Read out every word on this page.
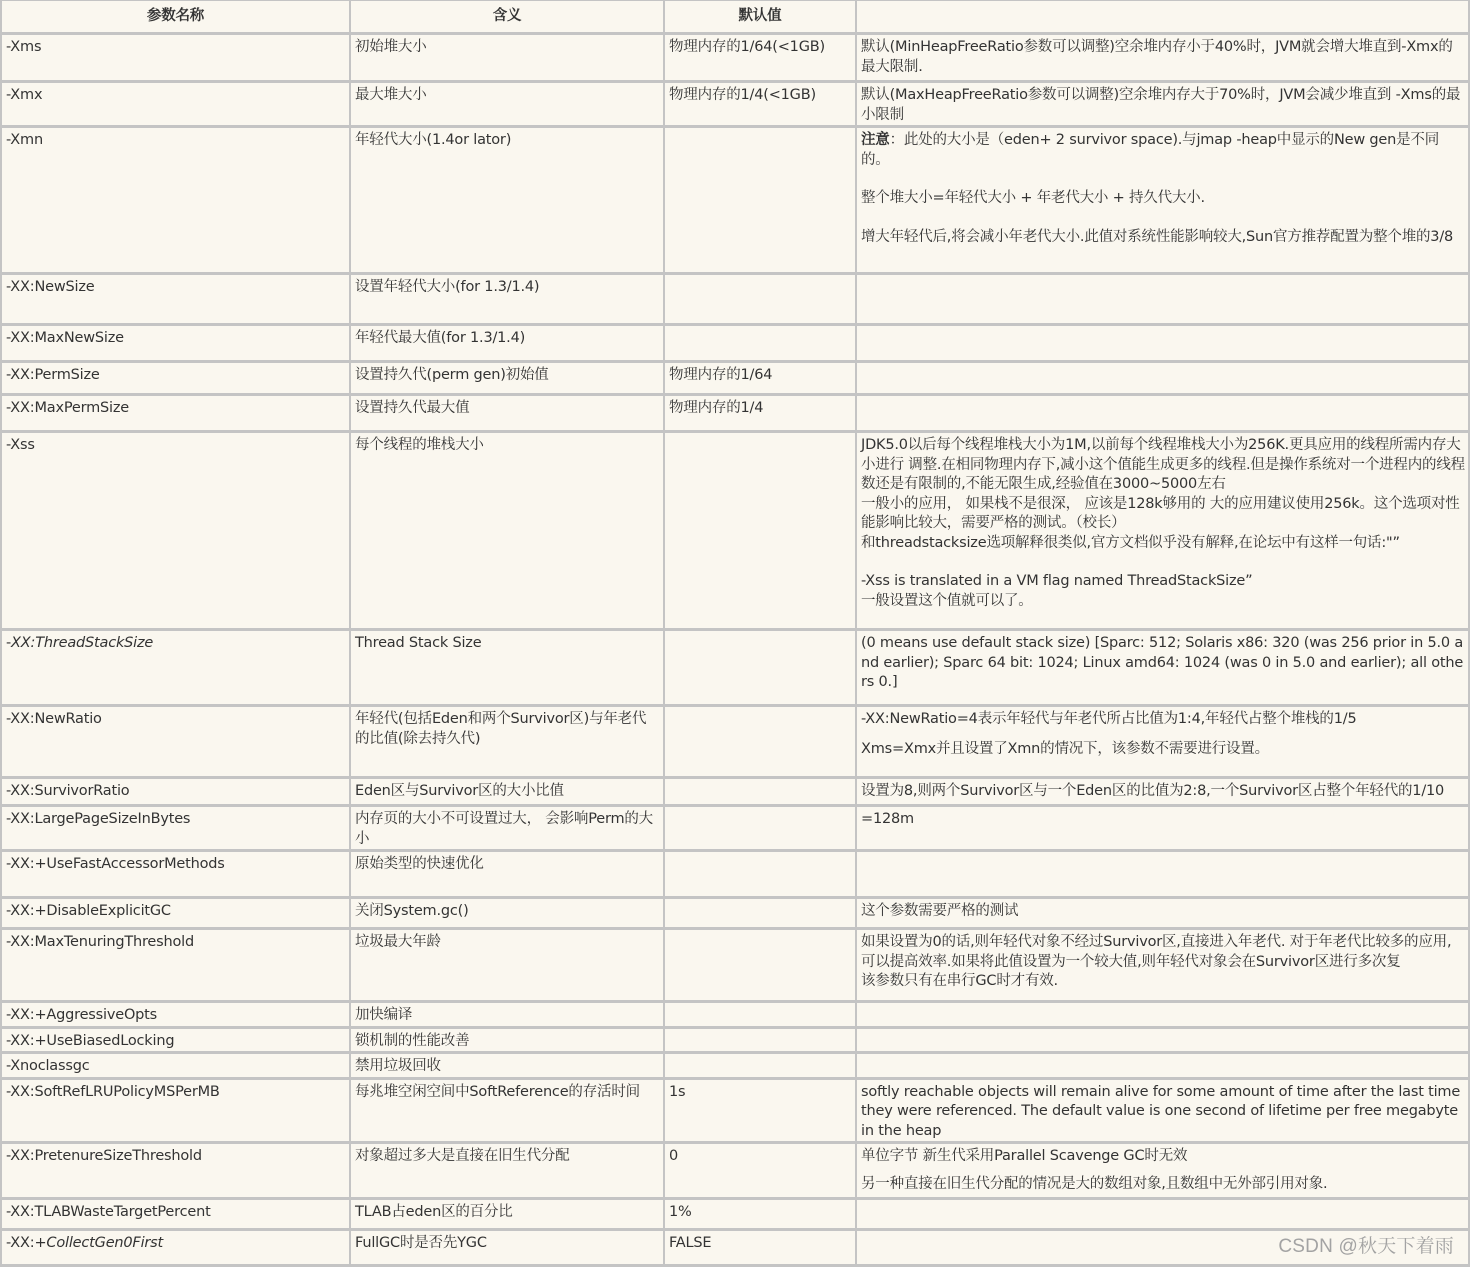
参数名称	含义	默认值	
-Xms	初始堆大小	物理内存的1/64(<1GB)	默认(MinHeapFreeRatio参数可以调整)空余堆内存小于40%时，JVM就会增大堆直到-Xmx的最大限制.

-Xmx	最大堆大小	物理内存的1/4(<1GB)	默认(MaxHeapFreeRatio参数可以调整)空余堆内存大于70%时，JVM会减少堆直到 -Xms的最小限制

-Xmn	年轻代大小(1.4or lator)		注意：此处的大小是（eden+ 2 survivor space).与jmap -heap中显示的New gen是不同的。

整个堆大小=年轻代大小 + 年老代大小 + 持久代大小.

增大年轻代后,将会减小年老代大小.此值对系统性能影响较大,Sun官方推荐配置为整个堆的3/8

-XX:NewSize	设置年轻代大小(for 1.3/1.4)		
-XX:MaxNewSize	年轻代最大值(for 1.3/1.4)		
-XX:PermSize	设置持久代(perm gen)初始值	物理内存的1/64	
-XX:MaxPermSize	设置持久代最大值	物理内存的1/4	
-Xss	每个线程的堆栈大小		JDK5.0以后每个线程堆栈大小为1M,以前每个线程堆栈大小为256K.更具应用的线程所需内存大小进行 调整.在相同物理内存下,减小这个值能生成更多的线程.但是操作系统对一个进程内的线程数还是有限制的,不能无限生成,经验值在3000~5000左右

一般小的应用， 如果栈不是很深， 应该是128k够用的 大的应用建议使用256k。这个选项对性能影响比较大，需要严格的测试。（校长）

和threadstacksize选项解释很类似,官方文档似乎没有解释,在论坛中有这样一句话:"”

-Xss is translated in a VM flag named ThreadStackSize”

一般设置这个值就可以了。

-XX:ThreadStackSize	Thread Stack Size		(0 means use default stack size) [Sparc: 512; Solaris x86: 320 (was 256 prior in 5.0 and earlier); Sparc 64 bit: 1024; Linux amd64: 1024 (was 0 in 5.0 and earlier); all others 0.]

-XX:NewRatio	年轻代(包括Eden和两个Survivor区)与年老代的比值(除去持久代)		-XX:NewRatio=4表示年轻代与年老代所占比值为1:4,年轻代占整个堆栈的1/5

Xms=Xmx并且设置了Xmn的情况下，该参数不需要进行设置。

-XX:SurvivorRatio	Eden区与Survivor区的大小比值		设置为8,则两个Survivor区与一个Eden区的比值为2:8,一个Survivor区占整个年轻代的1/10

-XX:LargePageSizeInBytes	内存页的大小不可设置过大， 会影响Perm的大小		=128m

-XX:+UseFastAccessorMethods	原始类型的快速优化		
-XX:+DisableExplicitGC	关闭System.gc()		这个参数需要严格的测试

-XX:MaxTenuringThreshold	垃圾最大年龄		如果设置为0的话,则年轻代对象不经过Survivor区,直接进入年老代. 对于年老代比较多的应用,可以提高效率.如果将此值设置为一个较大值,则年轻代对象会在Survivor区进行多次复

该参数只有在串行GC时才有效.

-XX:+AggressiveOpts	加快编译		
-XX:+UseBiasedLocking	锁机制的性能改善		
-Xnoclassgc	禁用垃圾回收		
-XX:SoftRefLRUPolicyMSPerMB	每兆堆空闲空间中SoftReference的存活时间	1s	softly reachable objects will remain alive for some amount of time after the last time they were referenced. The default value is one second of lifetime per free megabyte in the heap

-XX:PretenureSizeThreshold	对象超过多大是直接在旧生代分配	0	单位字节 新生代采用Parallel Scavenge GC时无效

另一种直接在旧生代分配的情况是大的数组对象,且数组中无外部引用对象.

-XX:TLABWasteTargetPercent	TLAB占eden区的百分比	1%	
-XX:+CollectGen0First	FullGC时是否先YGC	FALSE		CSDN @秋天下着雨
